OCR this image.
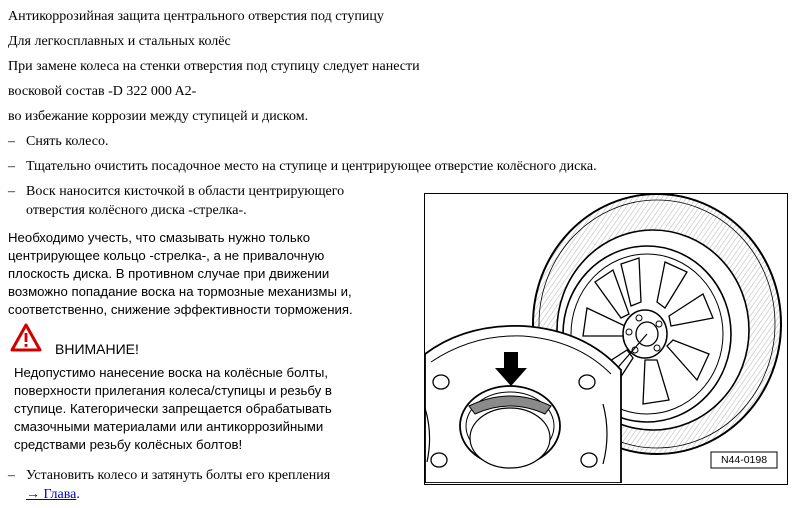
Антикоррозийная защита центрального отверстия под ступицу
Для легкосплавных и стальных колёс
При замене колеса на стенки отверстия под ступицу следует нанести
восковой состав -D 322 000 A2-
во избежание коррозии между ступицей и диском.
– Снять колесо.
– Тщательно очистить посадочное место на ступице и центрирующее отверстие колёсного диска.
– Воск наносится кисточкой в области центрирующего
отверстия колёсного диска -стрелка-.
Необходимо учесть, что смазывать нужно только
центрирующее кольцо -стрелка-, а не привалочную
плоскость диска. В противном случае при движении
возможно попадание воска на тормозные механизмы и,
соответственно, снижение эффективности торможения.
ВНИМАНИЕ!
Недопустимо нанесение воска на колёсные болты,
поверхности прилегания колеса/ступицы и резьбу в
ступице. Категорически запрещается обрабатывать
смазочными материалами или антикоррозийными
средствами резьбу колёсных болтов!
– Установить колесо и затянуть болты его крепления
→ Глава.
N44-0198
